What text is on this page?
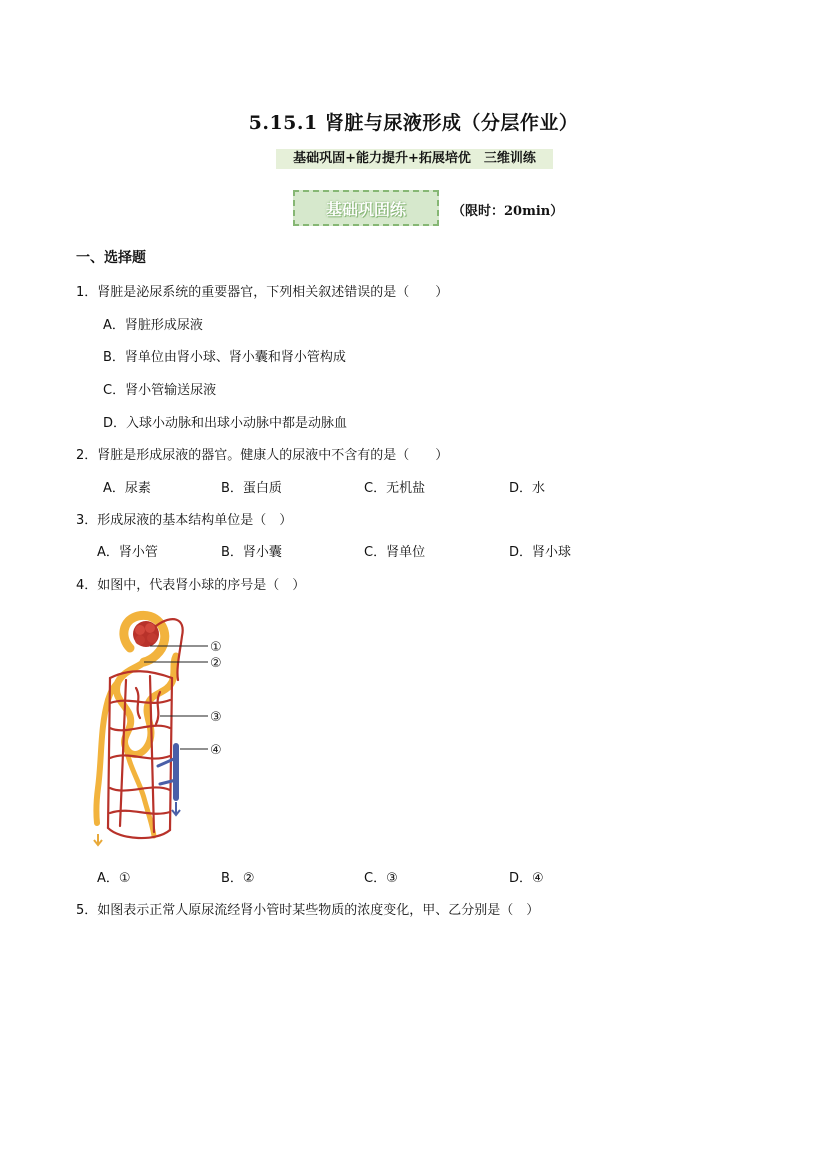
5.15.1 肾脏与尿液形成（分层作业）
基础巩固+能力提升+拓展培优　三维训练
基础巩固练	（限时：20min）
一、选择题
1．肾脏是泌尿系统的重要器官，下列相关叙述错误的是（　　）
A．肾脏形成尿液
B．肾单位由肾小球、肾小囊和肾小管构成
C．肾小管输送尿液
D．入球小动脉和出球小动脉中都是动脉血
2．肾脏是形成尿液的器官。健康人的尿液中不含有的是（　　）
A．尿素	B．蛋白质	C．无机盐	D．水
3．形成尿液的基本结构单位是（　）
A．肾小管	B．肾小囊	C．肾单位	D．肾小球
4．如图中，代表肾小球的序号是（　）
①
②
③
④
A．①	B．②	C．③	D．④
5．如图表示正常人原尿流经肾小管时某些物质的浓度变化，甲、乙分别是（　）
